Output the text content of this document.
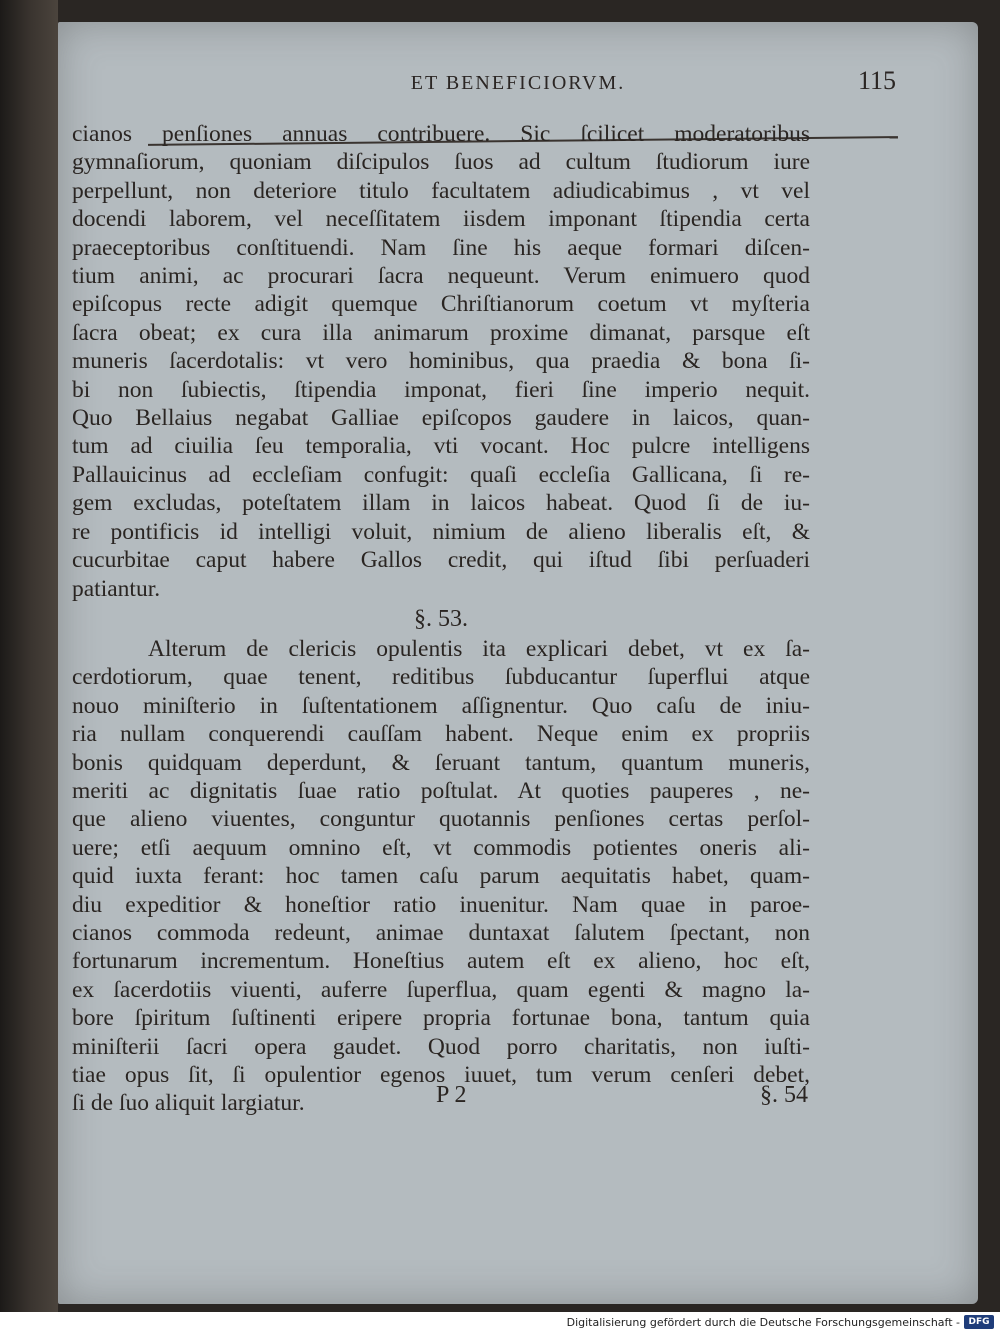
ET BENEFICIORVM.	115
cianos penſiones annuas contribuere. Sic ſcilicet moderatoribus
gymnaſiorum, quoniam diſcipulos ſuos ad cultum ſtudiorum iure
perpellunt, non deteriore titulo facultatem adiudicabimus , vt vel
docendi laborem, vel neceſſitatem iisdem imponant ſtipendia certa
praeceptoribus conſtituendi. Nam ſine his aeque formari diſcen-
tium animi, ac procurari ſacra nequeunt. Verum enimuero quod
epiſcopus recte adigit quemque Chriſtianorum coetum vt myſteria
ſacra obeat; ex cura illa animarum proxime dimanat, parsque eſt
muneris ſacerdotalis: vt vero hominibus, qua praedia & bona ſi-
bi non ſubiectis, ſtipendia imponat, fieri ſine imperio nequit.
Quo Bellaius negabat Galliae epiſcopos gaudere in laicos, quan-
tum ad ciuilia ſeu temporalia, vti vocant. Hoc pulcre intelligens
Pallauicinus ad eccleſiam confugit: quaſi eccleſia Gallicana, ſi re-
gem excludas, poteſtatem illam in laicos habeat. Quod ſi de iu-
re pontificis id intelligi voluit, nimium de alieno liberalis eſt, &
cucurbitae caput habere Gallos credit, qui iſtud ſibi perſuaderi
patiantur.
§. 53.
Alterum de clericis opulentis ita explicari debet, vt ex ſa-
cerdotiorum, quae tenent, reditibus ſubducantur ſuperflui atque
nouo miniſterio in ſuſtentationem aſſignentur. Quo caſu de iniu-
ria nullam conquerendi cauſſam habent. Neque enim ex propriis
bonis quidquam deperdunt, & ſeruant tantum, quantum muneris,
meriti ac dignitatis ſuae ratio poſtulat. At quoties pauperes , ne-
que alieno viuentes, conguntur quotannis penſiones certas perſol-
uere; etſi aequum omnino eſt, vt commodis potientes oneris ali-
quid iuxta ferant: hoc tamen caſu parum aequitatis habet, quam-
diu expeditior & honeſtior ratio inuenitur. Nam quae in paroe-
cianos commoda redeunt, animae duntaxat ſalutem ſpectant, non
fortunarum incrementum. Honeſtius autem eſt ex alieno, hoc eſt,
ex ſacerdotiis viuenti, auferre ſuperflua, quam egenti & magno la-
bore ſpiritum ſuſtinenti eripere propria fortunae bona, tantum quia
miniſterii ſacri opera gaudet. Quod porro charitatis, non iuſti-
tiae opus ſit, ſi opulentior egenos iuuet, tum verum cenſeri debet,
ſi de ſuo aliquit largiatur.	P 2	§. 54
Digitalisierung gefördert durch die Deutsche Forschungsgemeinschaft - DFG
